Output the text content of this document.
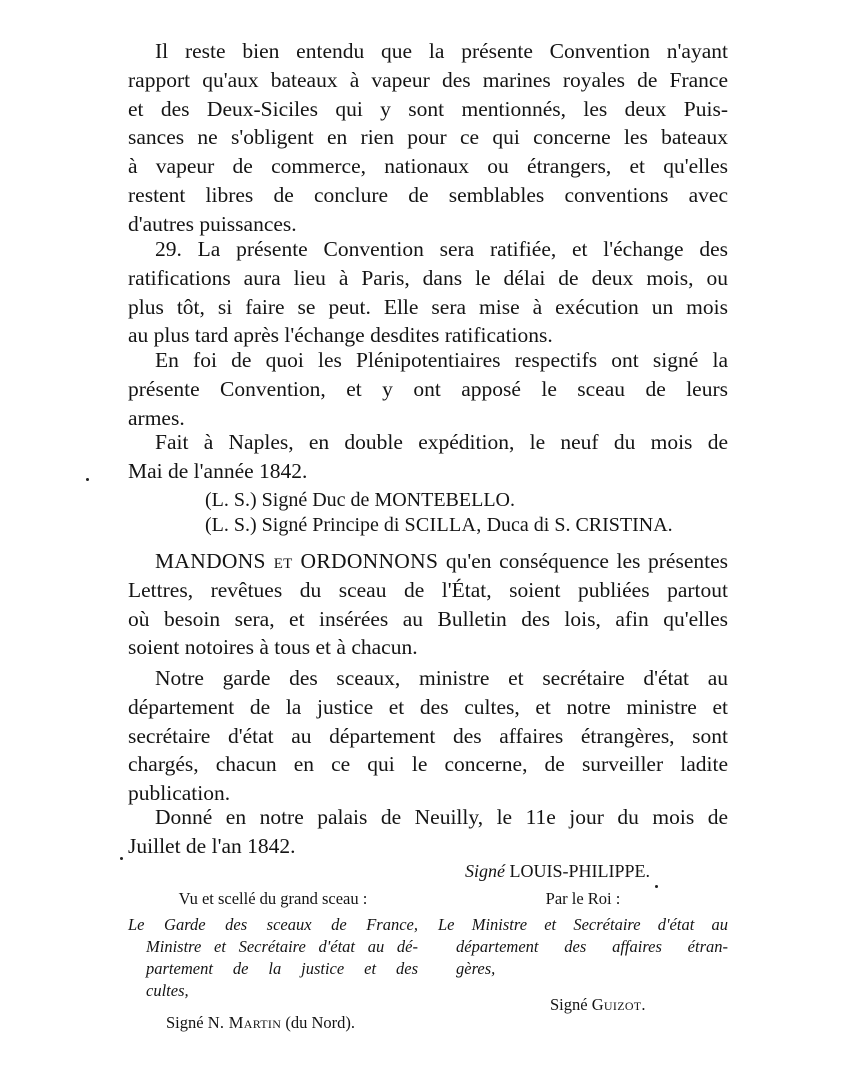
Il reste bien entendu que la présente Convention n'ayant
rapport qu'aux bateaux à vapeur des marines royales de France
et des Deux-Siciles qui y sont mentionnés, les deux Puis-
sances ne s'obligent en rien pour ce qui concerne les bateaux
à vapeur de commerce, nationaux ou étrangers, et qu'elles
restent libres de conclure de semblables conventions avec
d'autres puissances.

29. La présente Convention sera ratifiée, et l'échange des
ratifications aura lieu à Paris, dans le délai de deux mois, ou
plus tôt, si faire se peut. Elle sera mise à exécution un mois
au plus tard après l'échange desdites ratifications.

En foi de quoi les Plénipotentiaires respectifs ont signé la
présente Convention, et y ont apposé le sceau de leurs
armes.

Fait à Naples, en double expédition, le neuf du mois de
Mai de l'année 1842.

(L. S.) Signé Duc de MONTEBELLO.
(L. S.) Signé Principe di SCILLA, Duca di S. CRISTINA.

MANDONS et ORDONNONS qu'en conséquence les présentes
Lettres, revêtues du sceau de l'État, soient publiées partout
où besoin sera, et insérées au Bulletin des lois, afin qu'elles
soient notoires à tous et à chacun.

Notre garde des sceaux, ministre et secrétaire d'état au
département de la justice et des cultes, et notre ministre et
secrétaire d'état au département des affaires étrangères, sont
chargés, chacun en ce qui le concerne, de surveiller ladite
publication.

Donné en notre palais de Neuilly, le 11e jour du mois de
Juillet de l'an 1842.

Signé LOUIS-PHILIPPE.
Vu et scellé du grand sceau :
Le Garde des sceaux de France,
Ministre et Secrétaire d'état au dé-
partement de la justice et des
cultes,
Signé N. Martin (du Nord).
Par le Roi :
Le Ministre et Secrétaire d'état au
département des affaires étran-
gères,
Signé Guizot.
